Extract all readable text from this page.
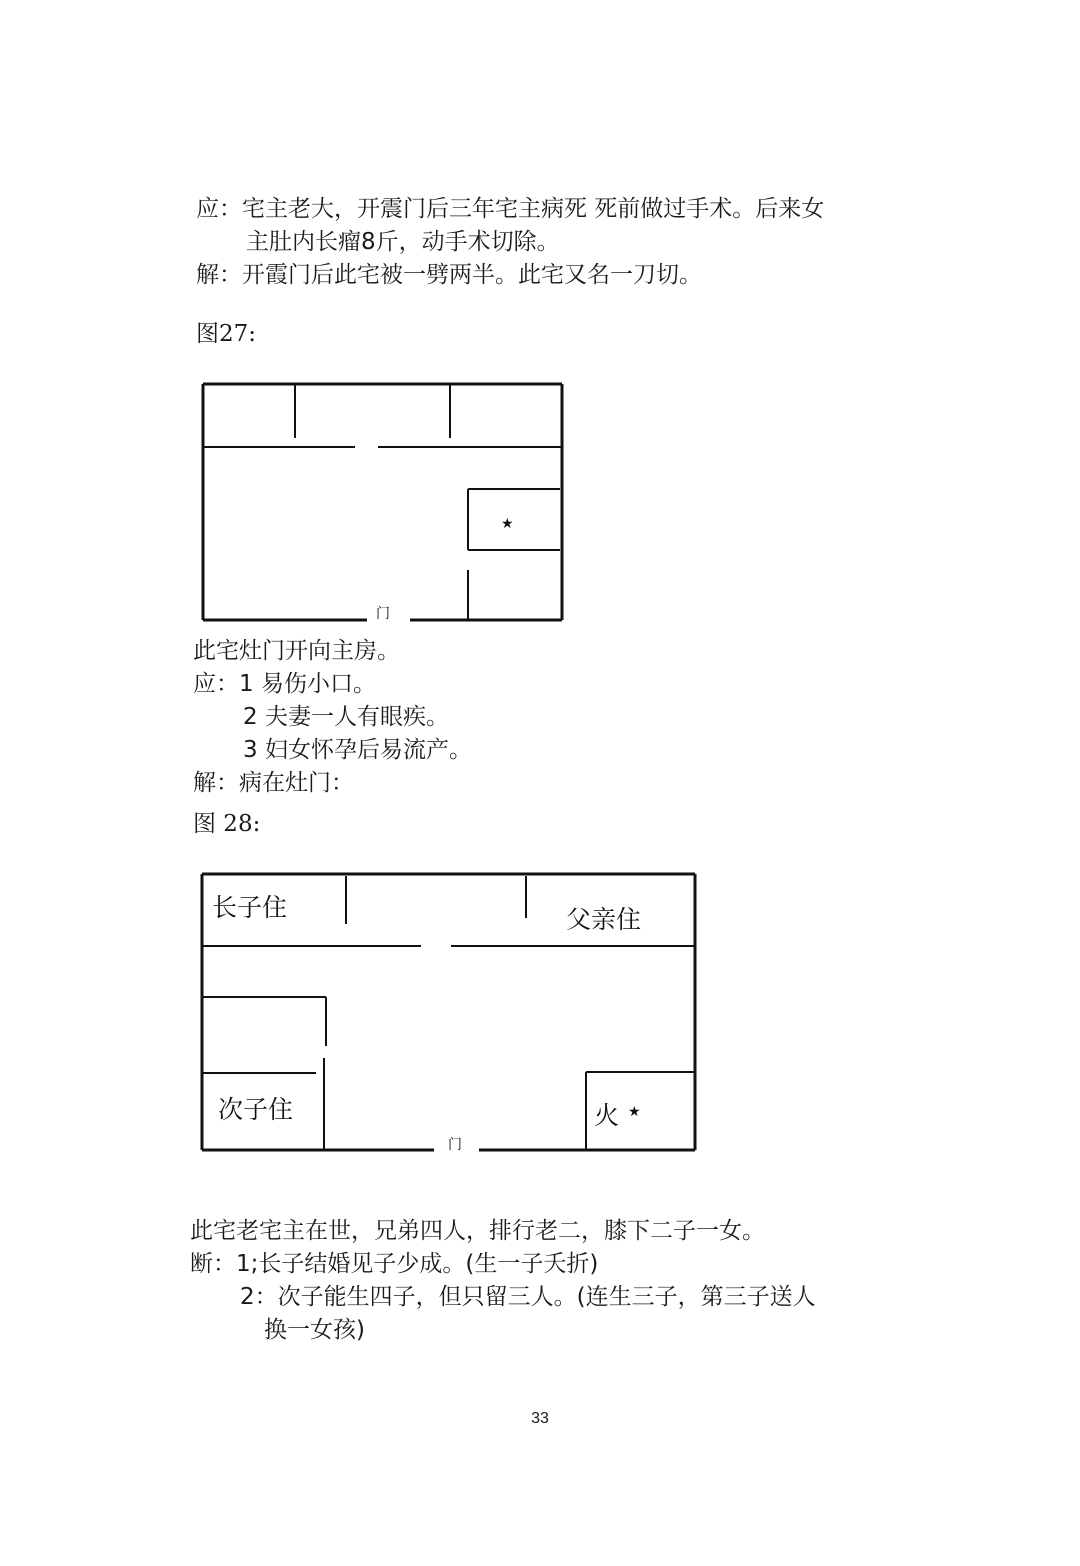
应：宅主老大，开震门后三年宅主病死 死前做过手术。后来女
主肚内长瘤8斤，动手术切除。
解：开霞门后此宅被一劈两半。此宅又名一刀切。
图27:
★
门
此宅灶门开向主房。
应：1 易伤小口。
2 夫妻一人有眼疾。
3 妇女怀孕后易流产。
解：病在灶门：
图 28:
长子住	父亲住
次子住	火 ★
门
此宅老宅主在世，兄弟四人，排行老二，膝下二子一女。
断：1;长子结婚见子少成。(生一子夭折)
2：次子能生四子，但只留三人。(连生三子，第三子送人
换一女孩)
33
